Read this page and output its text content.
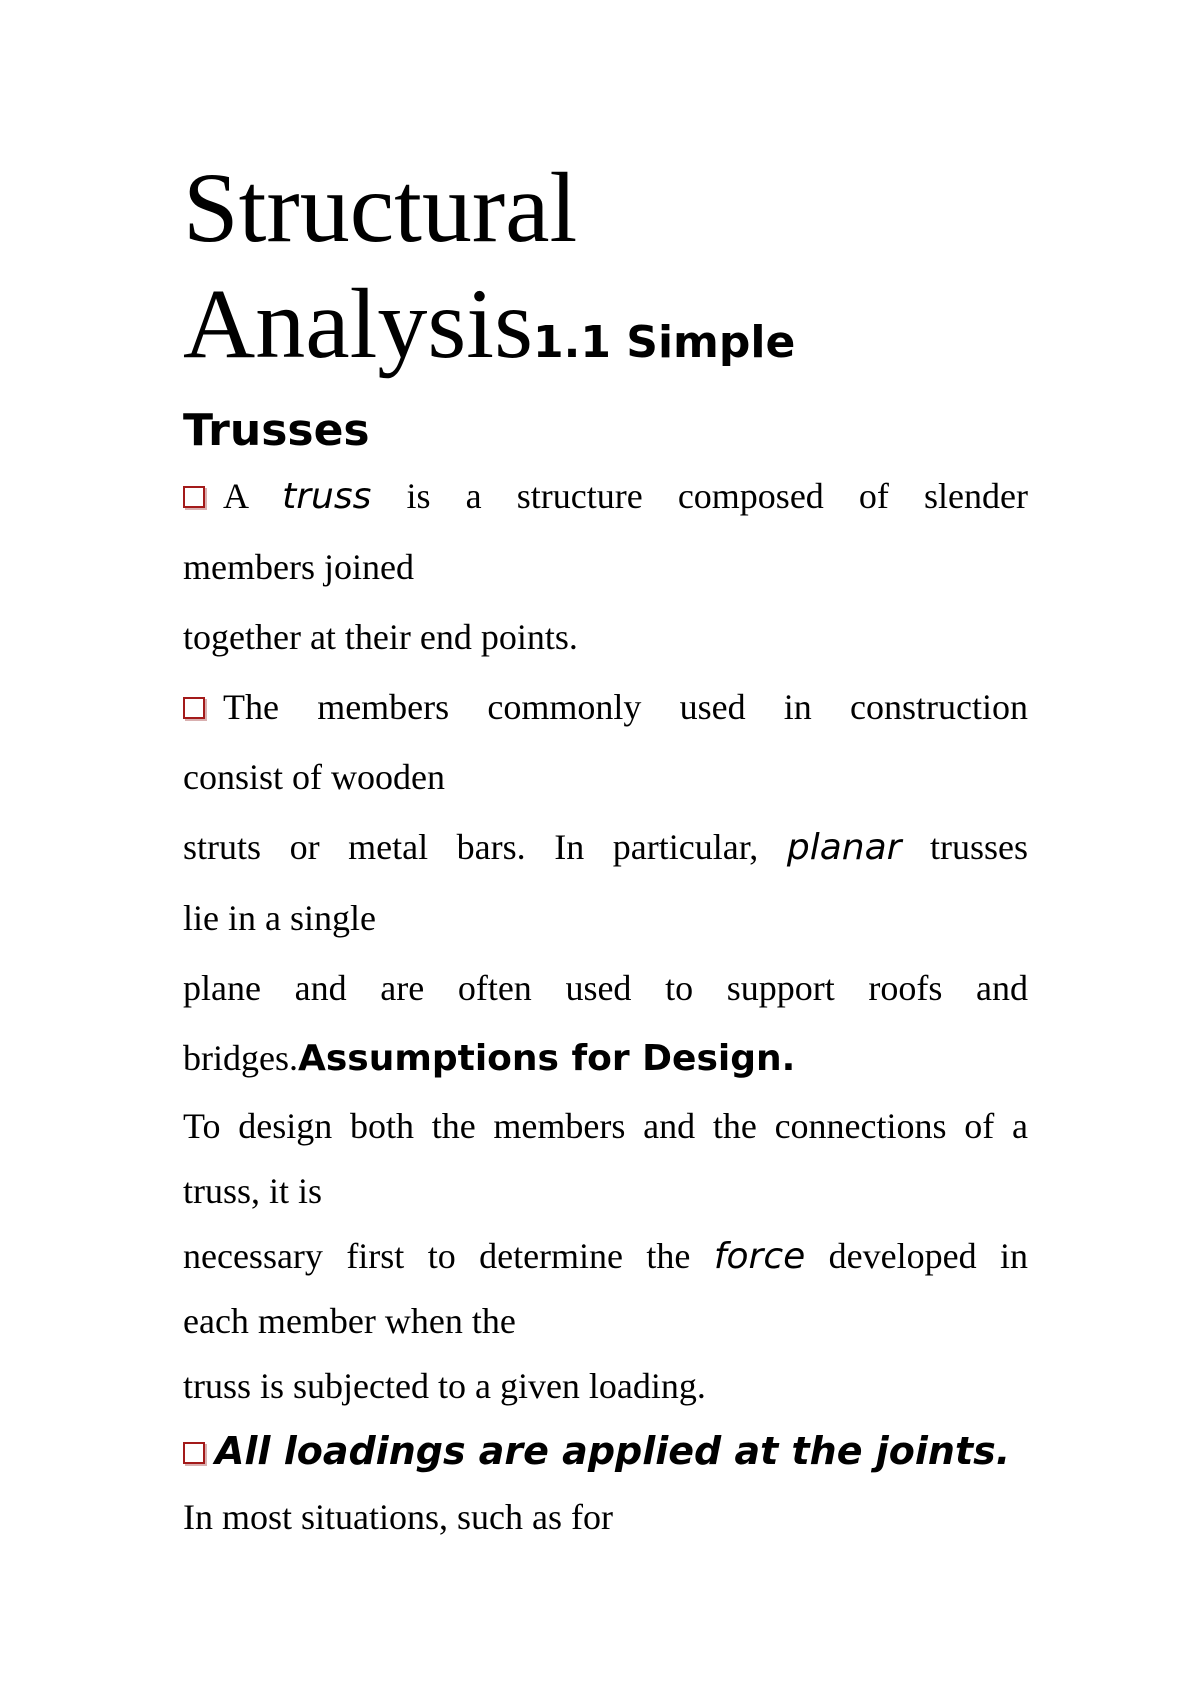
Structural
Analysis1.1 Simple
Trusses

A truss is a structure composed of slender

members joined

together at their end points.

The members commonly used in construction

consist of wooden

struts or metal bars. In particular, planar trusses

lie in a single

plane and are often used to support roofs and

bridges.Assumptions for Design.

To design both the members and the connections of a

truss, it is

necessary first to determine the force developed in

each member when the

truss is subjected to a given loading.

All loadings are applied at the joints.

In most situations, such as for
